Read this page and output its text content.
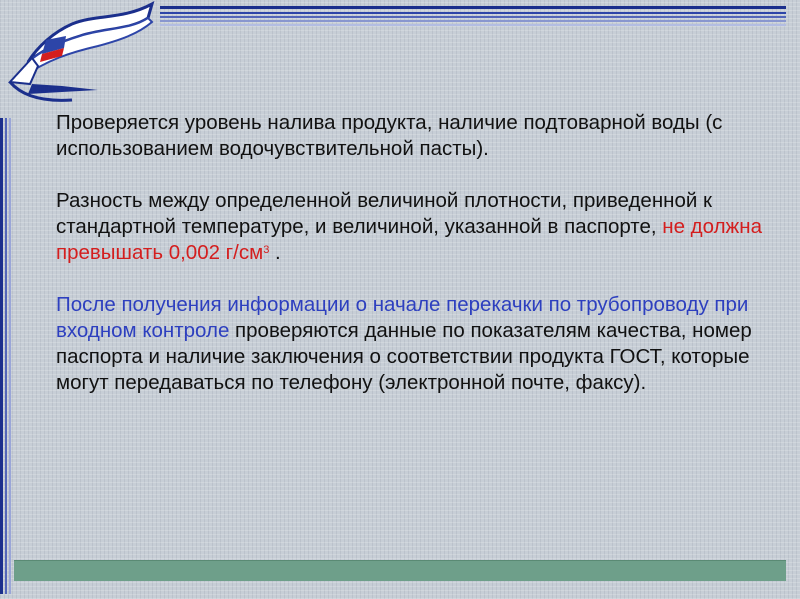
Проверяется уровень налива продукта, наличие подтоварной воды (с использованием водочувствительной пасты).

Разность между определенной величиной плотности, приведенной к стандартной температуре, и величиной, указанной в паспорте, не должна превышать 0,002 $г/см^3$ .

После получения информации о начале перекачки по трубопроводу при входном контроле проверяются данные по показателям качества, номер паспорта и наличие заключения о соответствии продукта ГОСТ, которые могут передаваться по телефону (электронной почте, факсу).
